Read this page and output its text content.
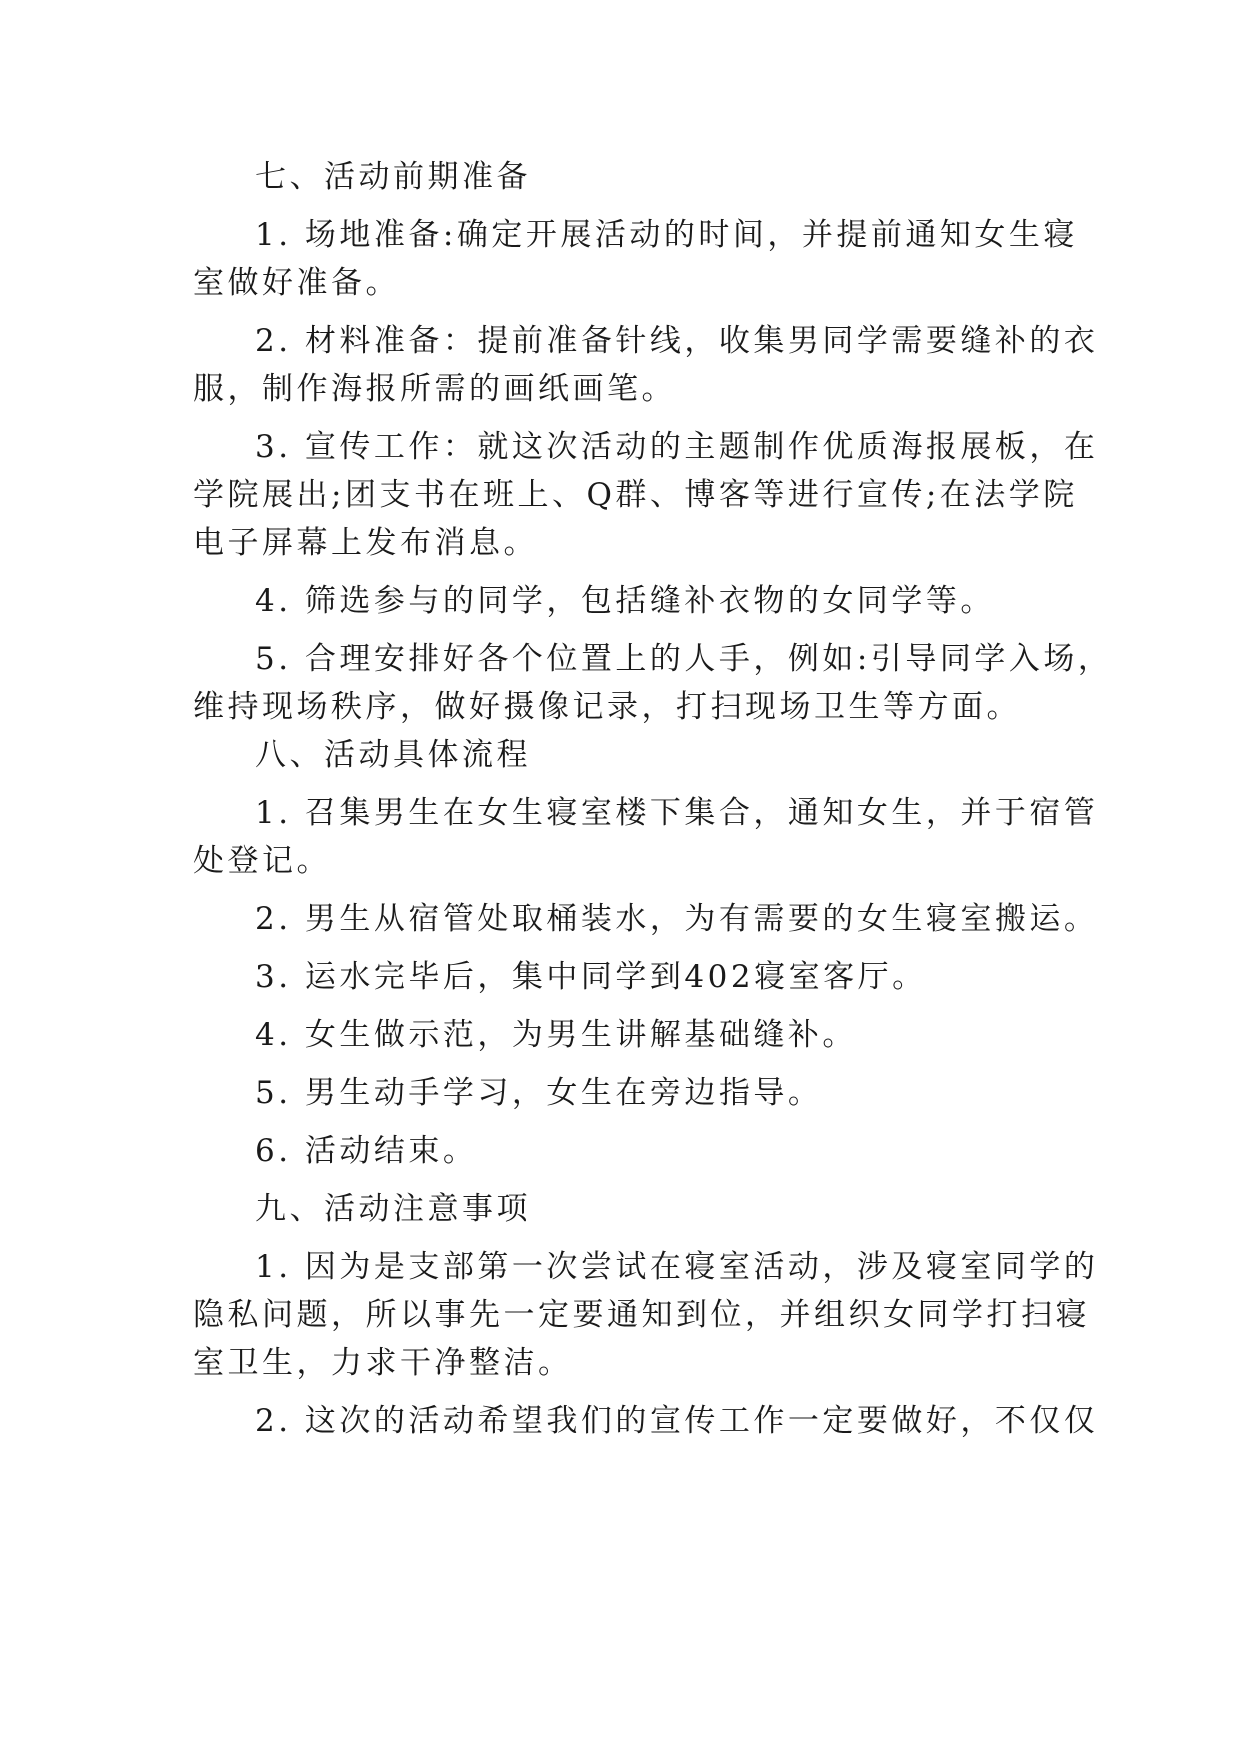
七、活动前期准备
1. 场地准备:确定开展活动的时间，并提前通知女生寝
室做好准备。
2. 材料准备：提前准备针线，收集男同学需要缝补的衣
服，制作海报所需的画纸画笔。
3. 宣传工作：就这次活动的主题制作优质海报展板，在
学院展出;团支书在班上、Q群、博客等进行宣传;在法学院
电子屏幕上发布消息。
4. 筛选参与的同学，包括缝补衣物的女同学等。
5. 合理安排好各个位置上的人手，例如:引导同学入场，
维持现场秩序，做好摄像记录，打扫现场卫生等方面。
八、活动具体流程
1. 召集男生在女生寝室楼下集合，通知女生，并于宿管
处登记。
2. 男生从宿管处取桶装水，为有需要的女生寝室搬运。
3. 运水完毕后，集中同学到402寝室客厅。
4. 女生做示范，为男生讲解基础缝补。
5. 男生动手学习，女生在旁边指导。
6. 活动结束。
九、活动注意事项
1. 因为是支部第一次尝试在寝室活动，涉及寝室同学的
隐私问题，所以事先一定要通知到位，并组织女同学打扫寝
室卫生，力求干净整洁。
2. 这次的活动希望我们的宣传工作一定要做好，不仅仅
